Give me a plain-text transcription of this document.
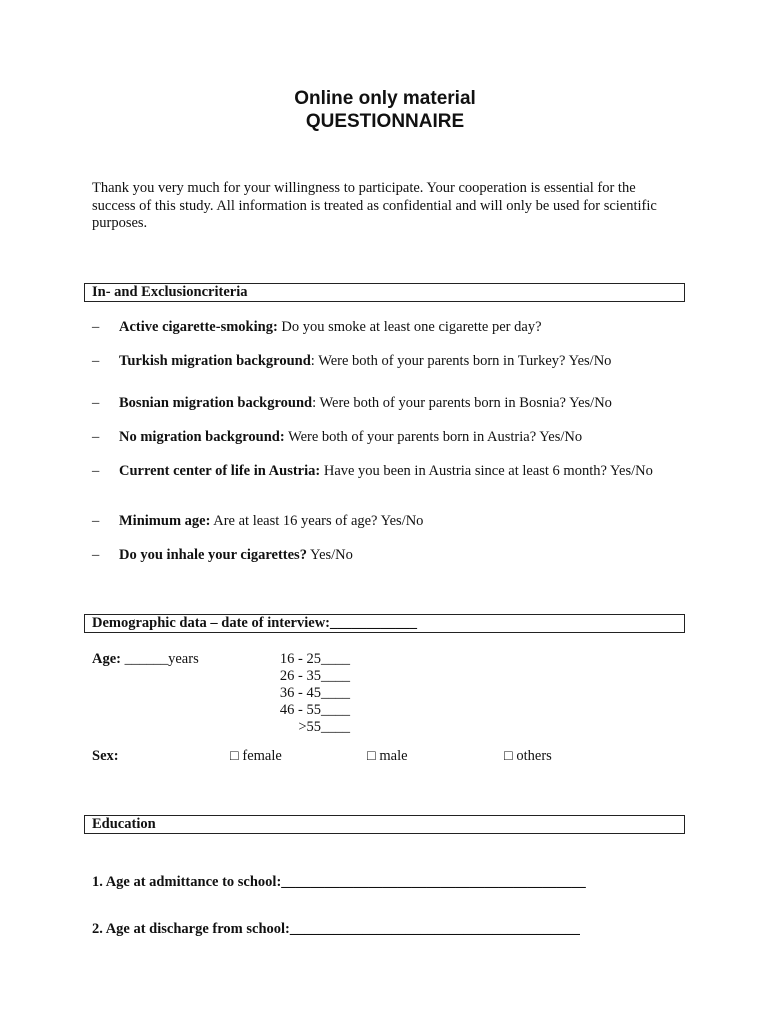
Online only material
QUESTIONNAIRE
Thank you very much for your willingness to participate. Your cooperation is essential for the success of this study. All information is treated as confidential and will only be used for scientific purposes.
In- and Exclusioncriteria
– Active cigarette-smoking: Do you smoke at least one cigarette per day?
– Turkish migration background: Were both of your parents born in Turkey? Yes/No
– Bosnian migration background: Were both of your parents born in Bosnia? Yes/No
– No migration background: Were both of your parents born in Austria? Yes/No
– Current center of life in Austria: Have you been in Austria since at least 6 month? Yes/No
– Minimum age: Are at least 16 years of age? Yes/No
– Do you inhale your cigarettes? Yes/No
Demographic data – date of interview:____________
Age: ______years	16 - 25____
26 - 35____
36 - 45____
46 - 55____
>55____
Sex:	□ female	□ male	□ others
Education
1. Age at admittance to school:__________________________________________
2. Age at discharge from school:________________________________________
